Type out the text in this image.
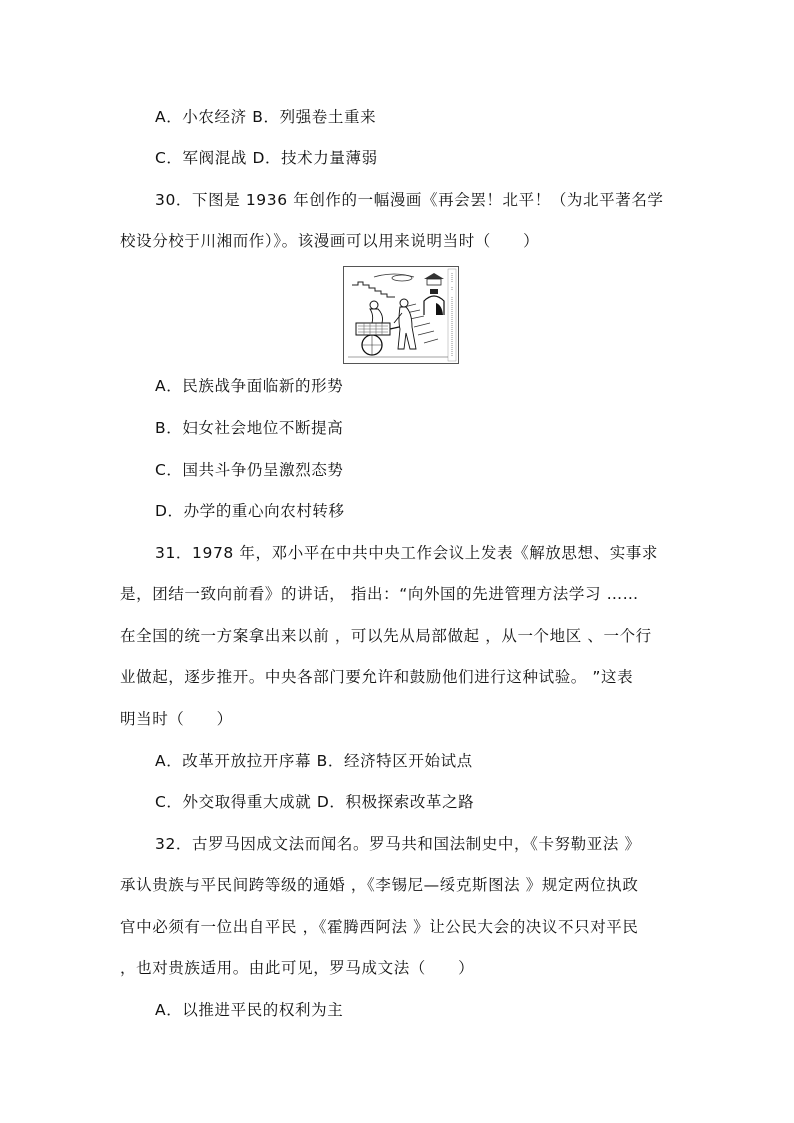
A．小农经济 B．列强卷土重来
C．军阀混战 D．技术力量薄弱
30．下图是 1936 年创作的一幅漫画《再会罢！北平！（为北平著名学
校设分校于川湘而作）》。该漫画可以用来说明当时（　　）
A．民族战争面临新的形势
B．妇女社会地位不断提高
C．国共斗争仍呈激烈态势
D．办学的重心向农村转移
31．1978 年，邓小平在中共中央工作会议上发表《解放思想、实事求
是，团结一致向前看》的讲话， 指出：“向外国的先进管理方法学习 ……
在全国的统一方案拿出来以前 ，可以先从局部做起 ，从一个地区 、一个行
业做起，逐步推开。中央各部门要允许和鼓励他们进行这种试验。 ”这表
明当时（　　）
A．改革开放拉开序幕 B．经济特区开始试点
C．外交取得重大成就 D．积极探索改革之路
32．古罗马因成文法而闻名。罗马共和国法制史中，《卡努勒亚法 》
承认贵族与平民间跨等级的通婚 ，《李锡尼—绥克斯图法 》规定两位执政
官中必须有一位出自平民 ，《霍腾西阿法 》让公民大会的决议不只对平民
，也对贵族适用。由此可见，罗马成文法（　　）
A．以推进平民的权利为主
